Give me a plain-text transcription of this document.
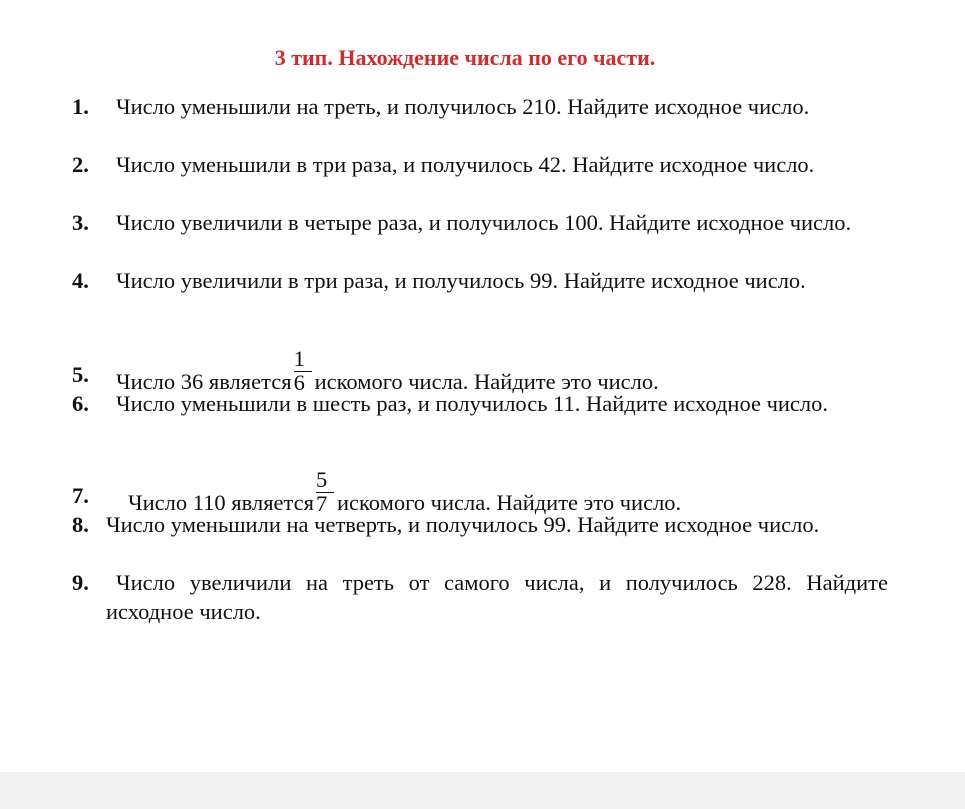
3 тип. Нахождение числа по его части.
1.	Число уменьшили на треть, и получилось 210. Найдите исходное число.
2.	Число уменьшили в три раза, и получилось 42. Найдите исходное число.
3.	Число увеличили в четыре раза, и получилось 100. Найдите исходное число.
4.	Число увеличили в три раза, и получилось 99. Найдите исходное число.
5.	Число 36 является $\frac{1}{6}$ искомого числа. Найдите это число.
6.	Число уменьшили в шесть раз, и получилось 11. Найдите исходное число.
7.	Число 110 является $\frac{5}{7}$ искомого числа. Найдите это число.
8. Число уменьшили на четверть, и получилось 99. Найдите исходное число.
9.	Число увеличили на треть от самого числа, и получилось 228. Найдите исходное число.
